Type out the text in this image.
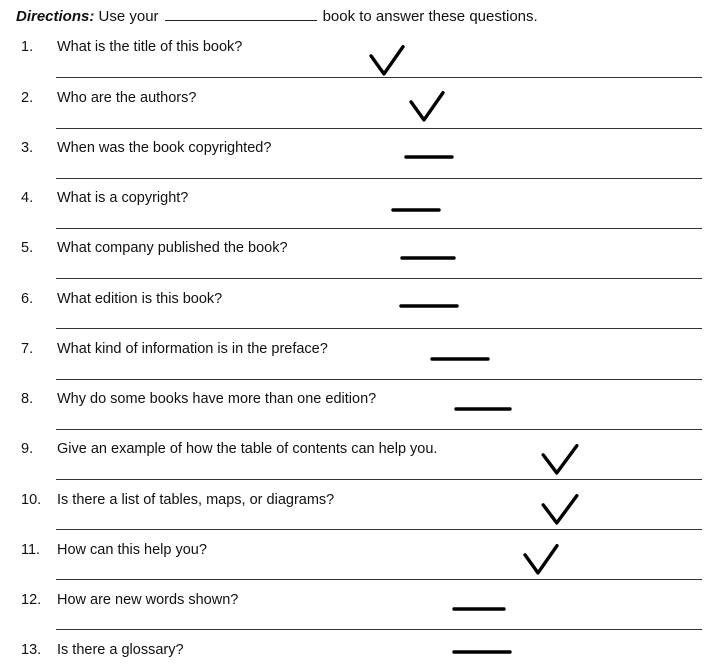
Directions: Use your	book to answer these questions.
1. What is the title of this book?
2. Who are the authors?
3. When was the book copyrighted?
4. What is a copyright?
5. What company published the book?
6. What edition is this book?
7. What kind of information is in the preface?
8. Why do some books have more than one edition?
9. Give an example of how the table of contents can help you.
10. Is there a list of tables, maps, or diagrams?
11. How can this help you?
12. How are new words shown?
13. Is there a glossary?
